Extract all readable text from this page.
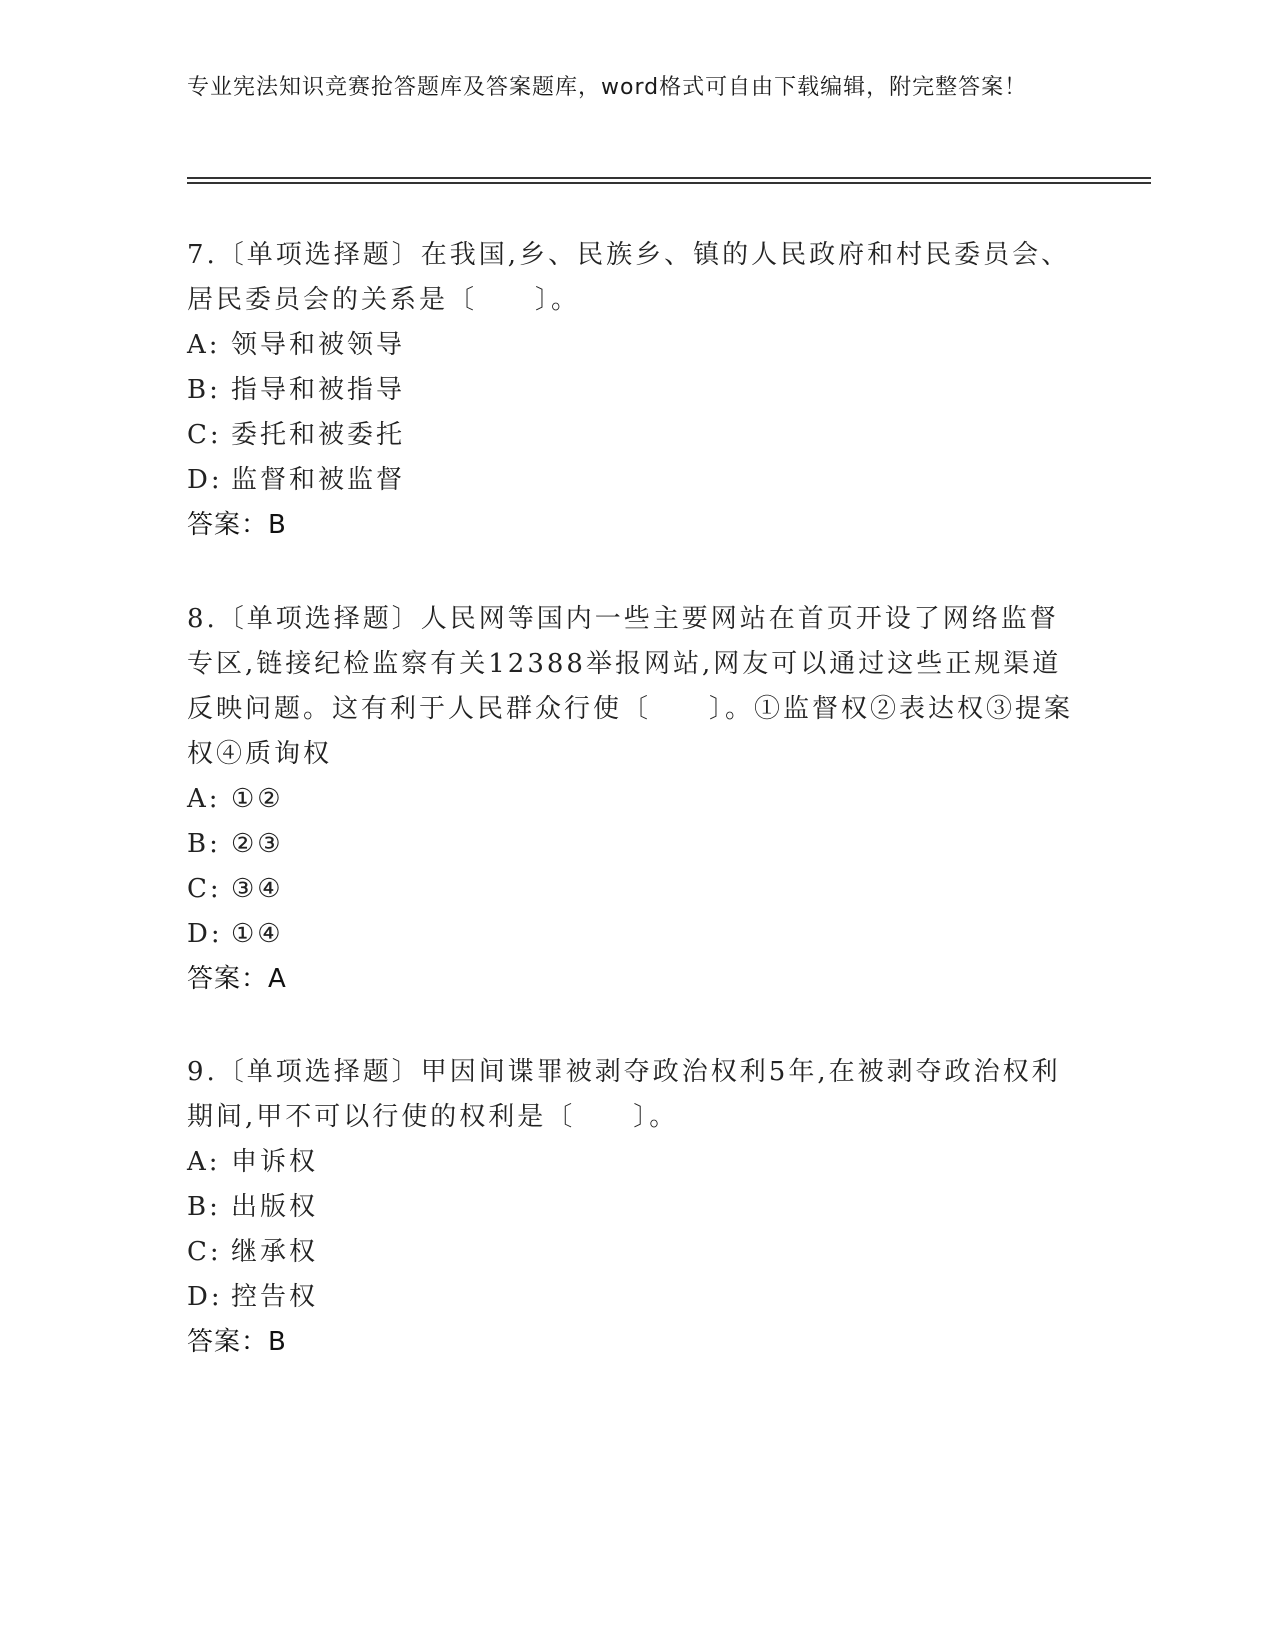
专业宪法知识竞赛抢答题库及答案题库，word格式可自由下载编辑，附完整答案！

7.〔单项选择题〕在我国,乡、民族乡、镇的人民政府和村民委员会、居民委员会的关系是〔　　〕。

A: 领导和被领导
B: 指导和被指导
C: 委托和被委托
D: 监督和被监督
答案：B

8.〔单项选择题〕人民网等国内一些主要网站在首页开设了网络监督专区,链接纪检监察有关12388举报网站,网友可以通过这些正规渠道反映问题。这有利于人民群众行使〔　　〕。①监督权②表达权③提案权④质询权

A: ①②
B: ②③
C: ③④
D: ①④
答案：A

9.〔单项选择题〕甲因间谍罪被剥夺政治权利5年,在被剥夺政治权利期间,甲不可以行使的权利是〔　　〕。

A: 申诉权
B: 出版权
C: 继承权
D: 控告权
答案：B
